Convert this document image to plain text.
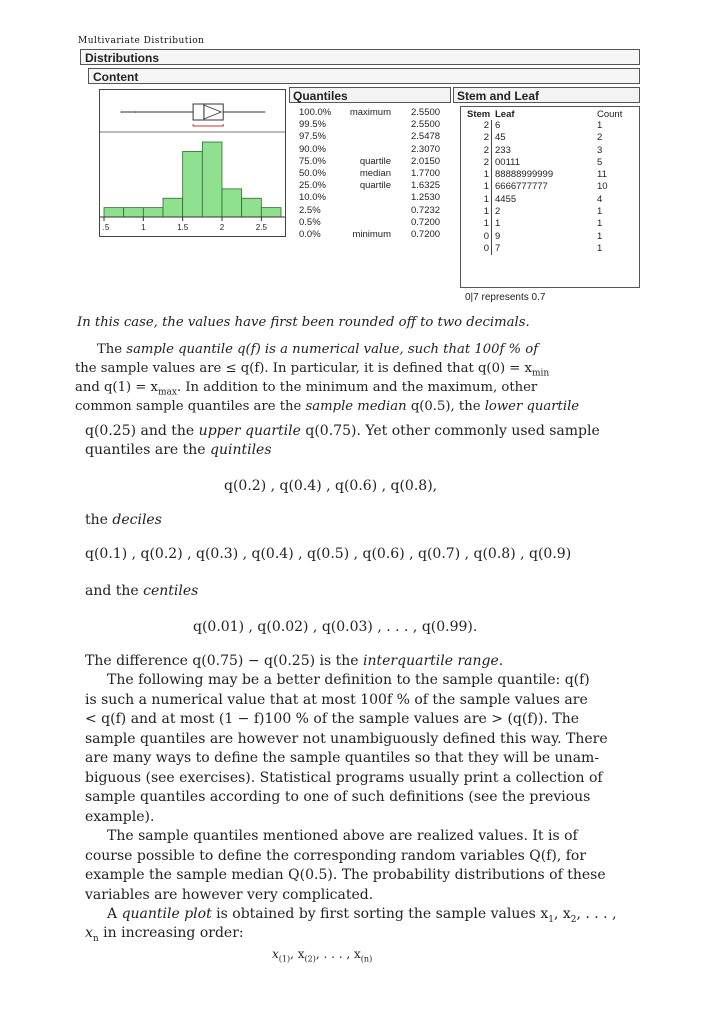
Multivariate Distribution
Distributions
Content
.5	1	1.5	2	2.5
Quantiles
100.0%	maximum 2.5500
99.5%	2.5500
97.5%	2.5478
90.0%	2.3070
75.0%	quartile 2.0150
50.0%	median 1.7700
25.0%	quartile 1.6325
10.0%	1.2530
2.5%	0.7232
0.5%	0.7200
0.0%	minimum 0.7200
Stem and Leaf
Stem Leaf	Count
2 6	1
2 45	2
2 233	3
2 00111	5
1 88888999999	11
1 6666777777	10
1 4455	4
1 2	1
1 1	1
0 9	1
0 7	1
0|7 represents 0.7
In this case, the values have first been rounded off to two decimals.
The sample quantile q(f) is a numerical value, such that 100f % of
the sample values are ≤ q(f). In particular, it is defined that $q(0) = x_{min}$
and $q(1) = x_{max}$. In addition to the minimum and the maximum, other
common sample quantiles are the sample median q(0.5), the lower quartile
q(0.25) and the upper quartile q(0.75). Yet other commonly used sample
quantiles are the quintiles
q(0.2) , q(0.4) , q(0.6) , q(0.8),
the deciles
q(0.1) , q(0.2) , q(0.3) , q(0.4) , q(0.5) , q(0.6) , q(0.7) , q(0.8) , q(0.9)
and the centiles
q(0.01) , q(0.02) , q(0.03) , . . . , q(0.99).
The difference q(0.75) − q(0.25) is the interquartile range.
The following may be a better definition to the sample quantile: q(f)
is such a numerical value that at most 100f % of the sample values are
< q(f) and at most (1 − f)100 % of the sample values are > (q(f)). The
sample quantiles are however not unambiguously defined this way. There
are many ways to define the sample quantiles so that they will be unam-
biguous (see exercises). Statistical programs usually print a collection of
sample quantiles according to one of such definitions (see the previous
example).
The sample quantiles mentioned above are realized values. It is of
course possible to define the corresponding random variables Q(f), for
example the sample median Q(0.5). The probability distributions of these
variables are however very complicated.
A quantile plot is obtained by first sorting the sample values $x_1$, $x_2$, . . . ,
$x_n$ in increasing order:
$x_{(1)}$, $x_{(2)}$, . . . , $x_{(n)}$
